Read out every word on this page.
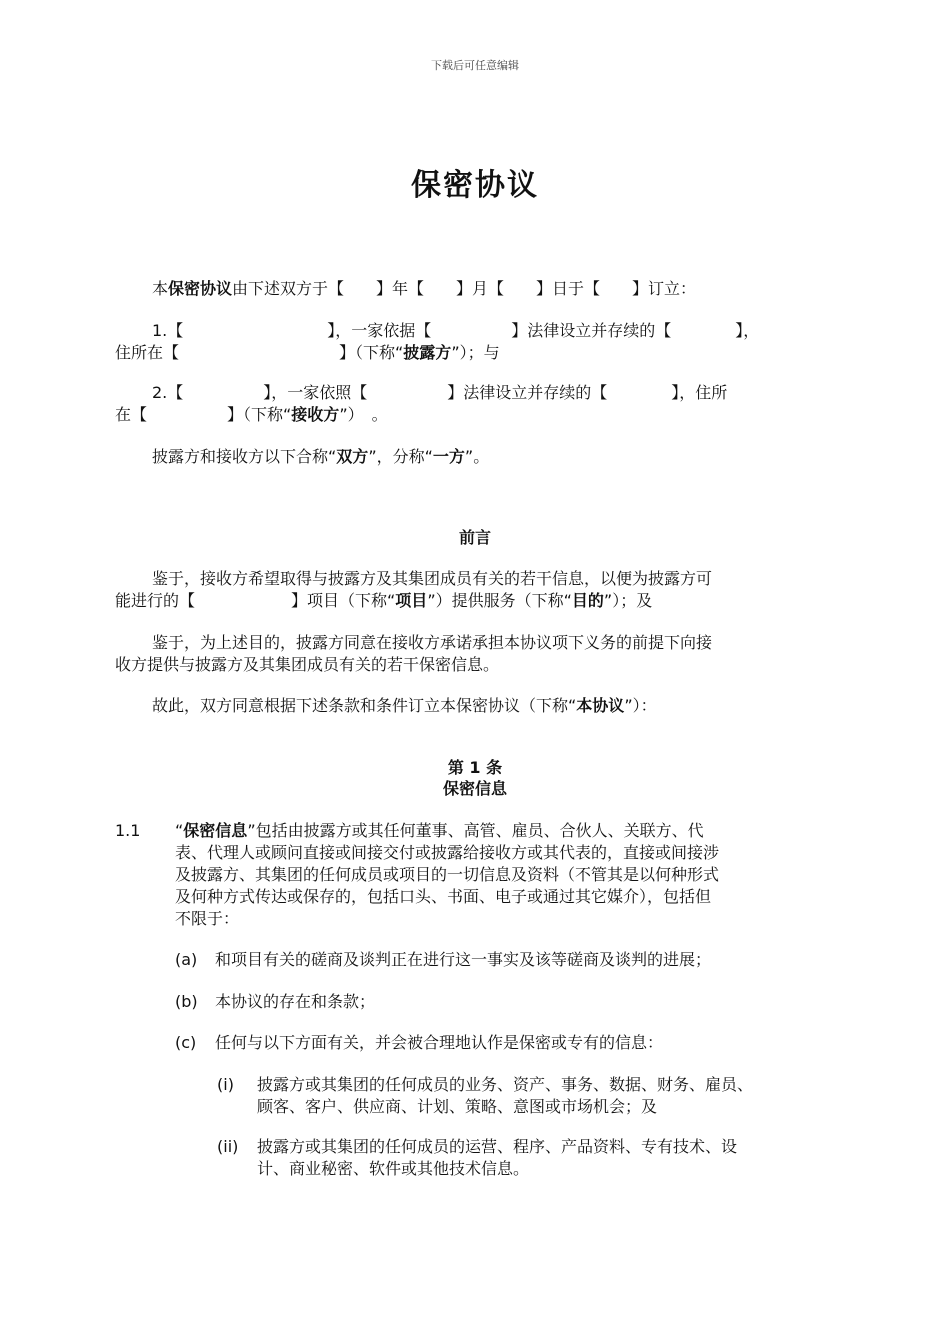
下载后可任意编辑
保密协议
本保密协议由下述双方于【　　】年【　　】月【　　】日于【　　】订立：
1.【　　　　　　　　　】，一家依据【　　　　　】法律设立并存续的【　　　　】，
住所在【　　　　　　　　　　】（下称“披露方”）；与
2.【　　　　　】，一家依照【　　　　　】法律设立并存续的【　　　　】，住所
在【　　　　　】（下称“接收方”）　。
披露方和接收方以下合称“双方”，分称“一方”。
前言
鉴于，接收方希望取得与披露方及其集团成员有关的若干信息，以便为披露方可
能进行的【　　　　　　】项目（下称“项目”）提供服务（下称“目的”）；及
鉴于，为上述目的，披露方同意在接收方承诺承担本协议项下义务的前提下向接
收方提供与披露方及其集团成员有关的若干保密信息。
故此，双方同意根据下述条款和条件订立本保密协议（下称“本协议”）：
第 1 条
保密信息
1.1 “保密信息”包括由披露方或其任何董事、高管、雇员、合伙人、关联方、代
表、代理人或顾问直接或间接交付或披露给接收方或其代表的，直接或间接涉
及披露方、其集团的任何成员或项目的一切信息及资料（不管其是以何种形式
及何种方式传达或保存的，包括口头、书面、电子或通过其它媒介），包括但
不限于：
(a) 和项目有关的磋商及谈判正在进行这一事实及该等磋商及谈判的进展；
(b) 本协议的存在和条款；
(c) 任何与以下方面有关，并会被合理地认作是保密或专有的信息：
(i) 披露方或其集团的任何成员的业务、资产、事务、数据、财务、雇员、
顾客、客户、供应商、计划、策略、意图或市场机会；及
(ii) 披露方或其集团的任何成员的运营、程序、产品资料、专有技术、设
计、商业秘密、软件或其他技术信息。
